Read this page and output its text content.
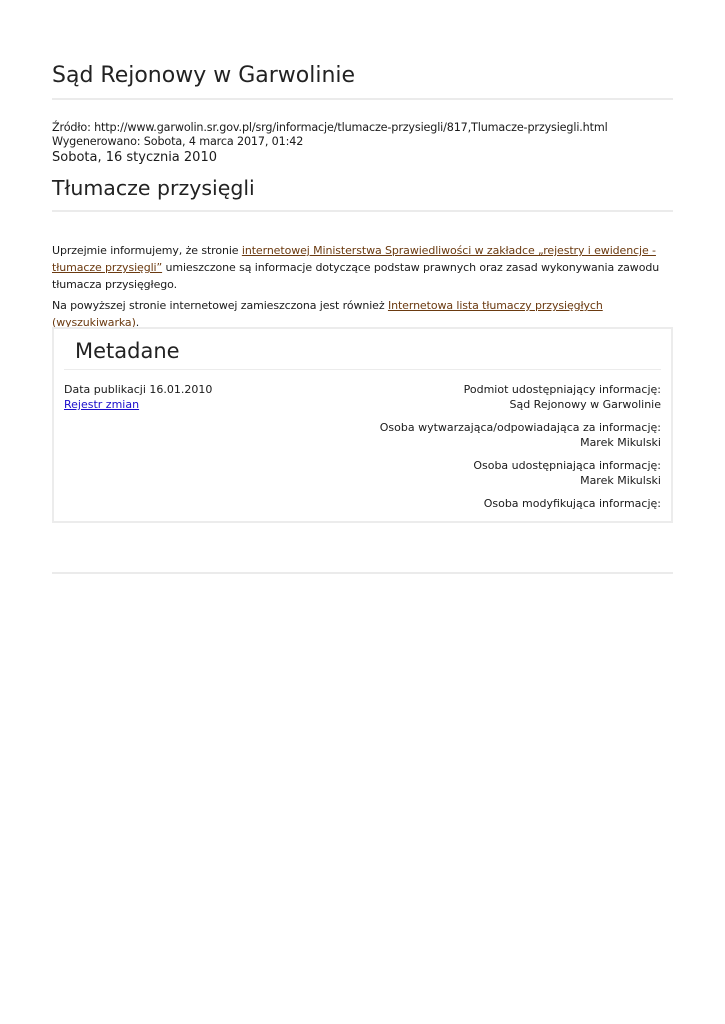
Sąd Rejonowy w Garwolinie
Źródło: http://www.garwolin.sr.gov.pl/srg/informacje/tlumacze-przysiegli/817,Tlumacze-przysiegli.html
Wygenerowano: Sobota, 4 marca 2017, 01:42
Sobota, 16 stycznia 2010
Tłumacze przysięgli

Uprzejmie informujemy, że stronie internetowej Ministerstwa Sprawiedliwości w zakładce „rejestry i ewidencje - tłumacze przysięgli” umieszczone są informacje dotyczące podstaw prawnych oraz zasad wykonywania zawodu tłumacza przysięgłego.

Na powyższej stronie internetowej zamieszczona jest również Internetowa lista tłumaczy przysięgłych (wyszukiwarka).

Metadane
Data publikacji 16.01.2010
Rejestr zmian
Podmiot udostępniający informację:
Sąd Rejonowy w Garwolinie
Osoba wytwarzająca/odpowiadająca za informację:
Marek Mikulski
Osoba udostępniająca informację:
Marek Mikulski
Osoba modyfikująca informację:
